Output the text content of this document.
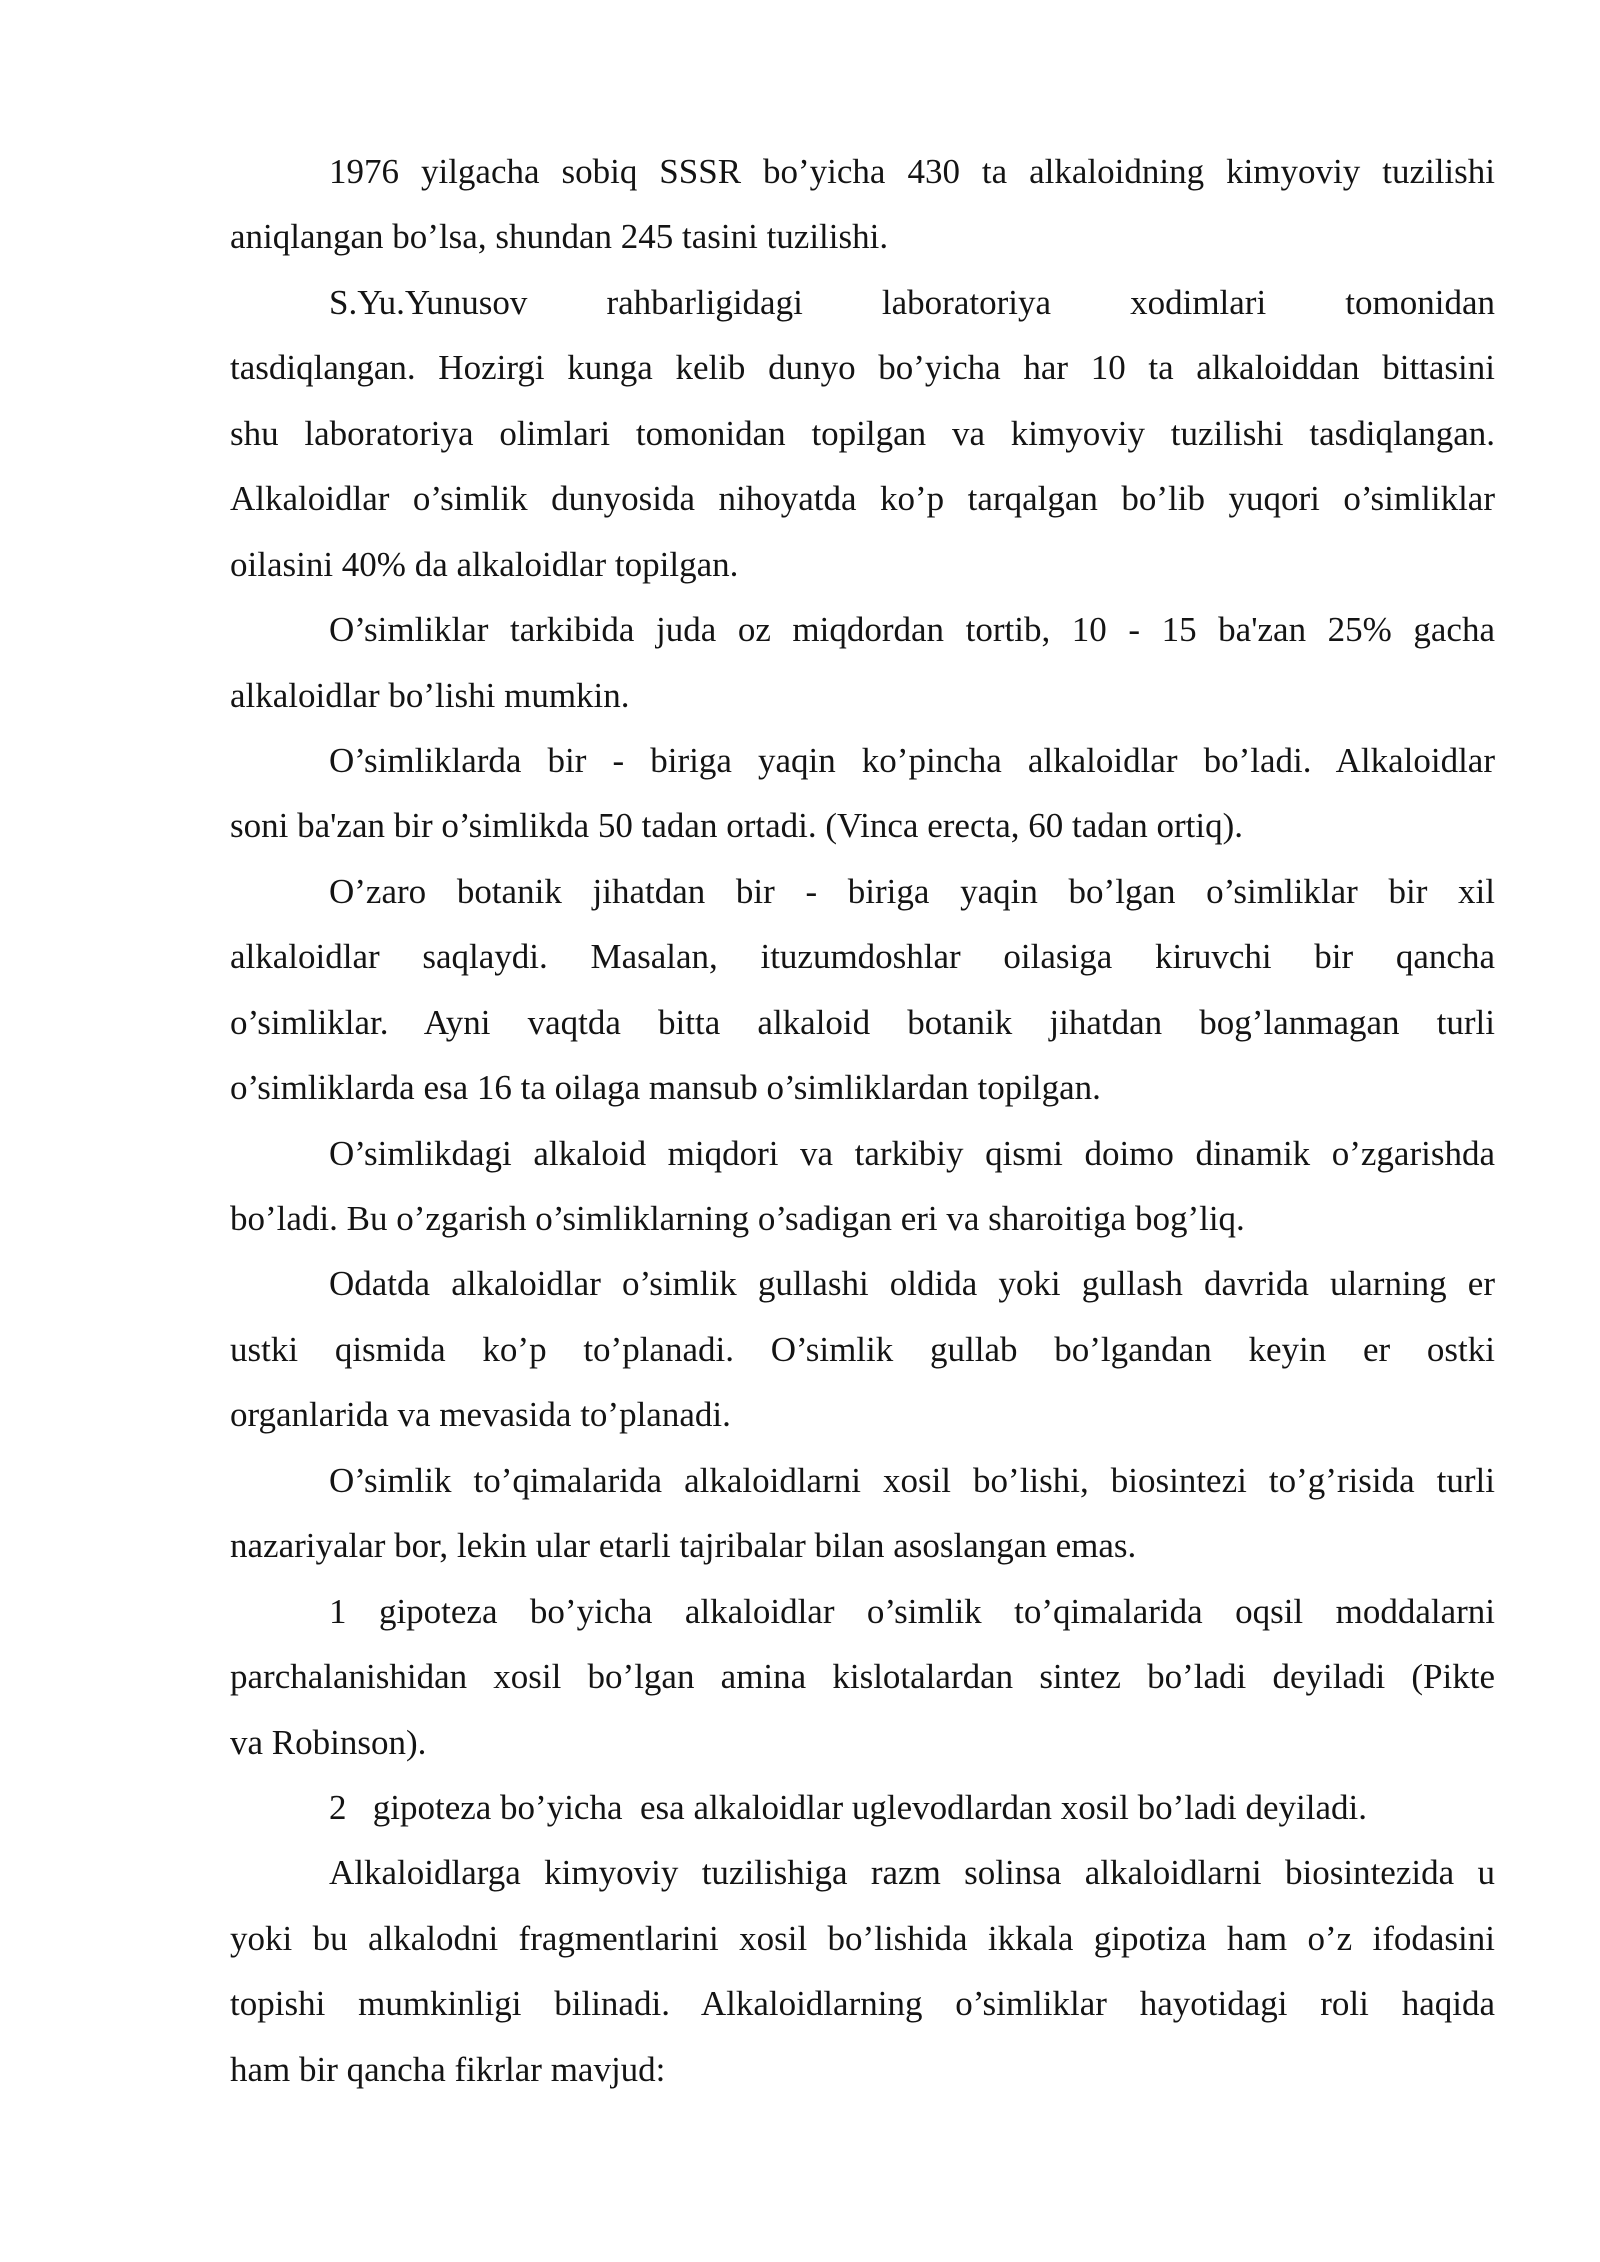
1976 yilgacha sobiq SSSR bo’yicha 430 ta alkaloidning kimyoviy tuzilishi
aniqlangan bo’lsa, shundan 245 tasini tuzilishi.
S.Yu.Yunusov rahbarligidagi laboratoriya xodimlari tomonidan
tasdiqlangan. Hozirgi kunga kelib dunyo bo’yicha har 10 ta alkaloiddan bittasini
shu laboratoriya olimlari tomonidan topilgan va kimyoviy tuzilishi tasdiqlangan.
Alkaloidlar o’simlik dunyosida nihoyatda ko’p tarqalgan bo’lib yuqori o’simliklar
oilasini 40% da alkaloidlar topilgan.
O’simliklar tarkibida juda oz miqdordan tortib, 10 - 15 ba'zan 25% gacha
alkaloidlar bo’lishi mumkin.
O’simliklarda bir - biriga yaqin ko’pincha alkaloidlar bo’ladi. Alkaloidlar
soni ba'zan bir o’simlikda 50 tadan ortadi. (Vinca erecta, 60 tadan ortiq).
O’zaro botanik jihatdan bir - biriga yaqin bo’lgan o’simliklar bir xil
alkaloidlar saqlaydi. Masalan, ituzumdoshlar oilasiga kiruvchi bir qancha
o’simliklar. Ayni vaqtda bitta alkaloid botanik jihatdan bog’lanmagan turli
o’simliklarda esa 16 ta oilaga mansub o’simliklardan topilgan.
O’simlikdagi alkaloid miqdori va tarkibiy qismi doimo dinamik o’zgarishda
bo’ladi. Bu o’zgarish o’simliklarning o’sadigan eri va sharoitiga bog’liq.
Odatda alkaloidlar o’simlik gullashi oldida yoki gullash davrida ularning er
ustki qismida ko’p to’planadi. O’simlik gullab bo’lgandan keyin er ostki
organlarida va mevasida to’planadi.
O’simlik to’qimalarida alkaloidlarni xosil bo’lishi, biosintezi to’g’risida turli
nazariyalar bor, lekin ular etarli tajribalar bilan asoslangan emas.
1 gipoteza bo’yicha alkaloidlar o’simlik to’qimalarida oqsil moddalarni
parchalanishidan xosil bo’lgan amina kislotalardan sintez bo’ladi deyiladi (Pikte
va Robinson).
2   gipoteza bo’yicha  esa alkaloidlar uglevodlardan xosil bo’ladi deyiladi.
Alkaloidlarga kimyoviy tuzilishiga razm solinsa alkaloidlarni biosintezida u
yoki bu alkalodni fragmentlarini xosil bo’lishida ikkala gipotiza ham o’z ifodasini
topishi mumkinligi bilinadi. Alkaloidlarning o’simliklar hayotidagi roli haqida
ham bir qancha fikrlar mavjud:
